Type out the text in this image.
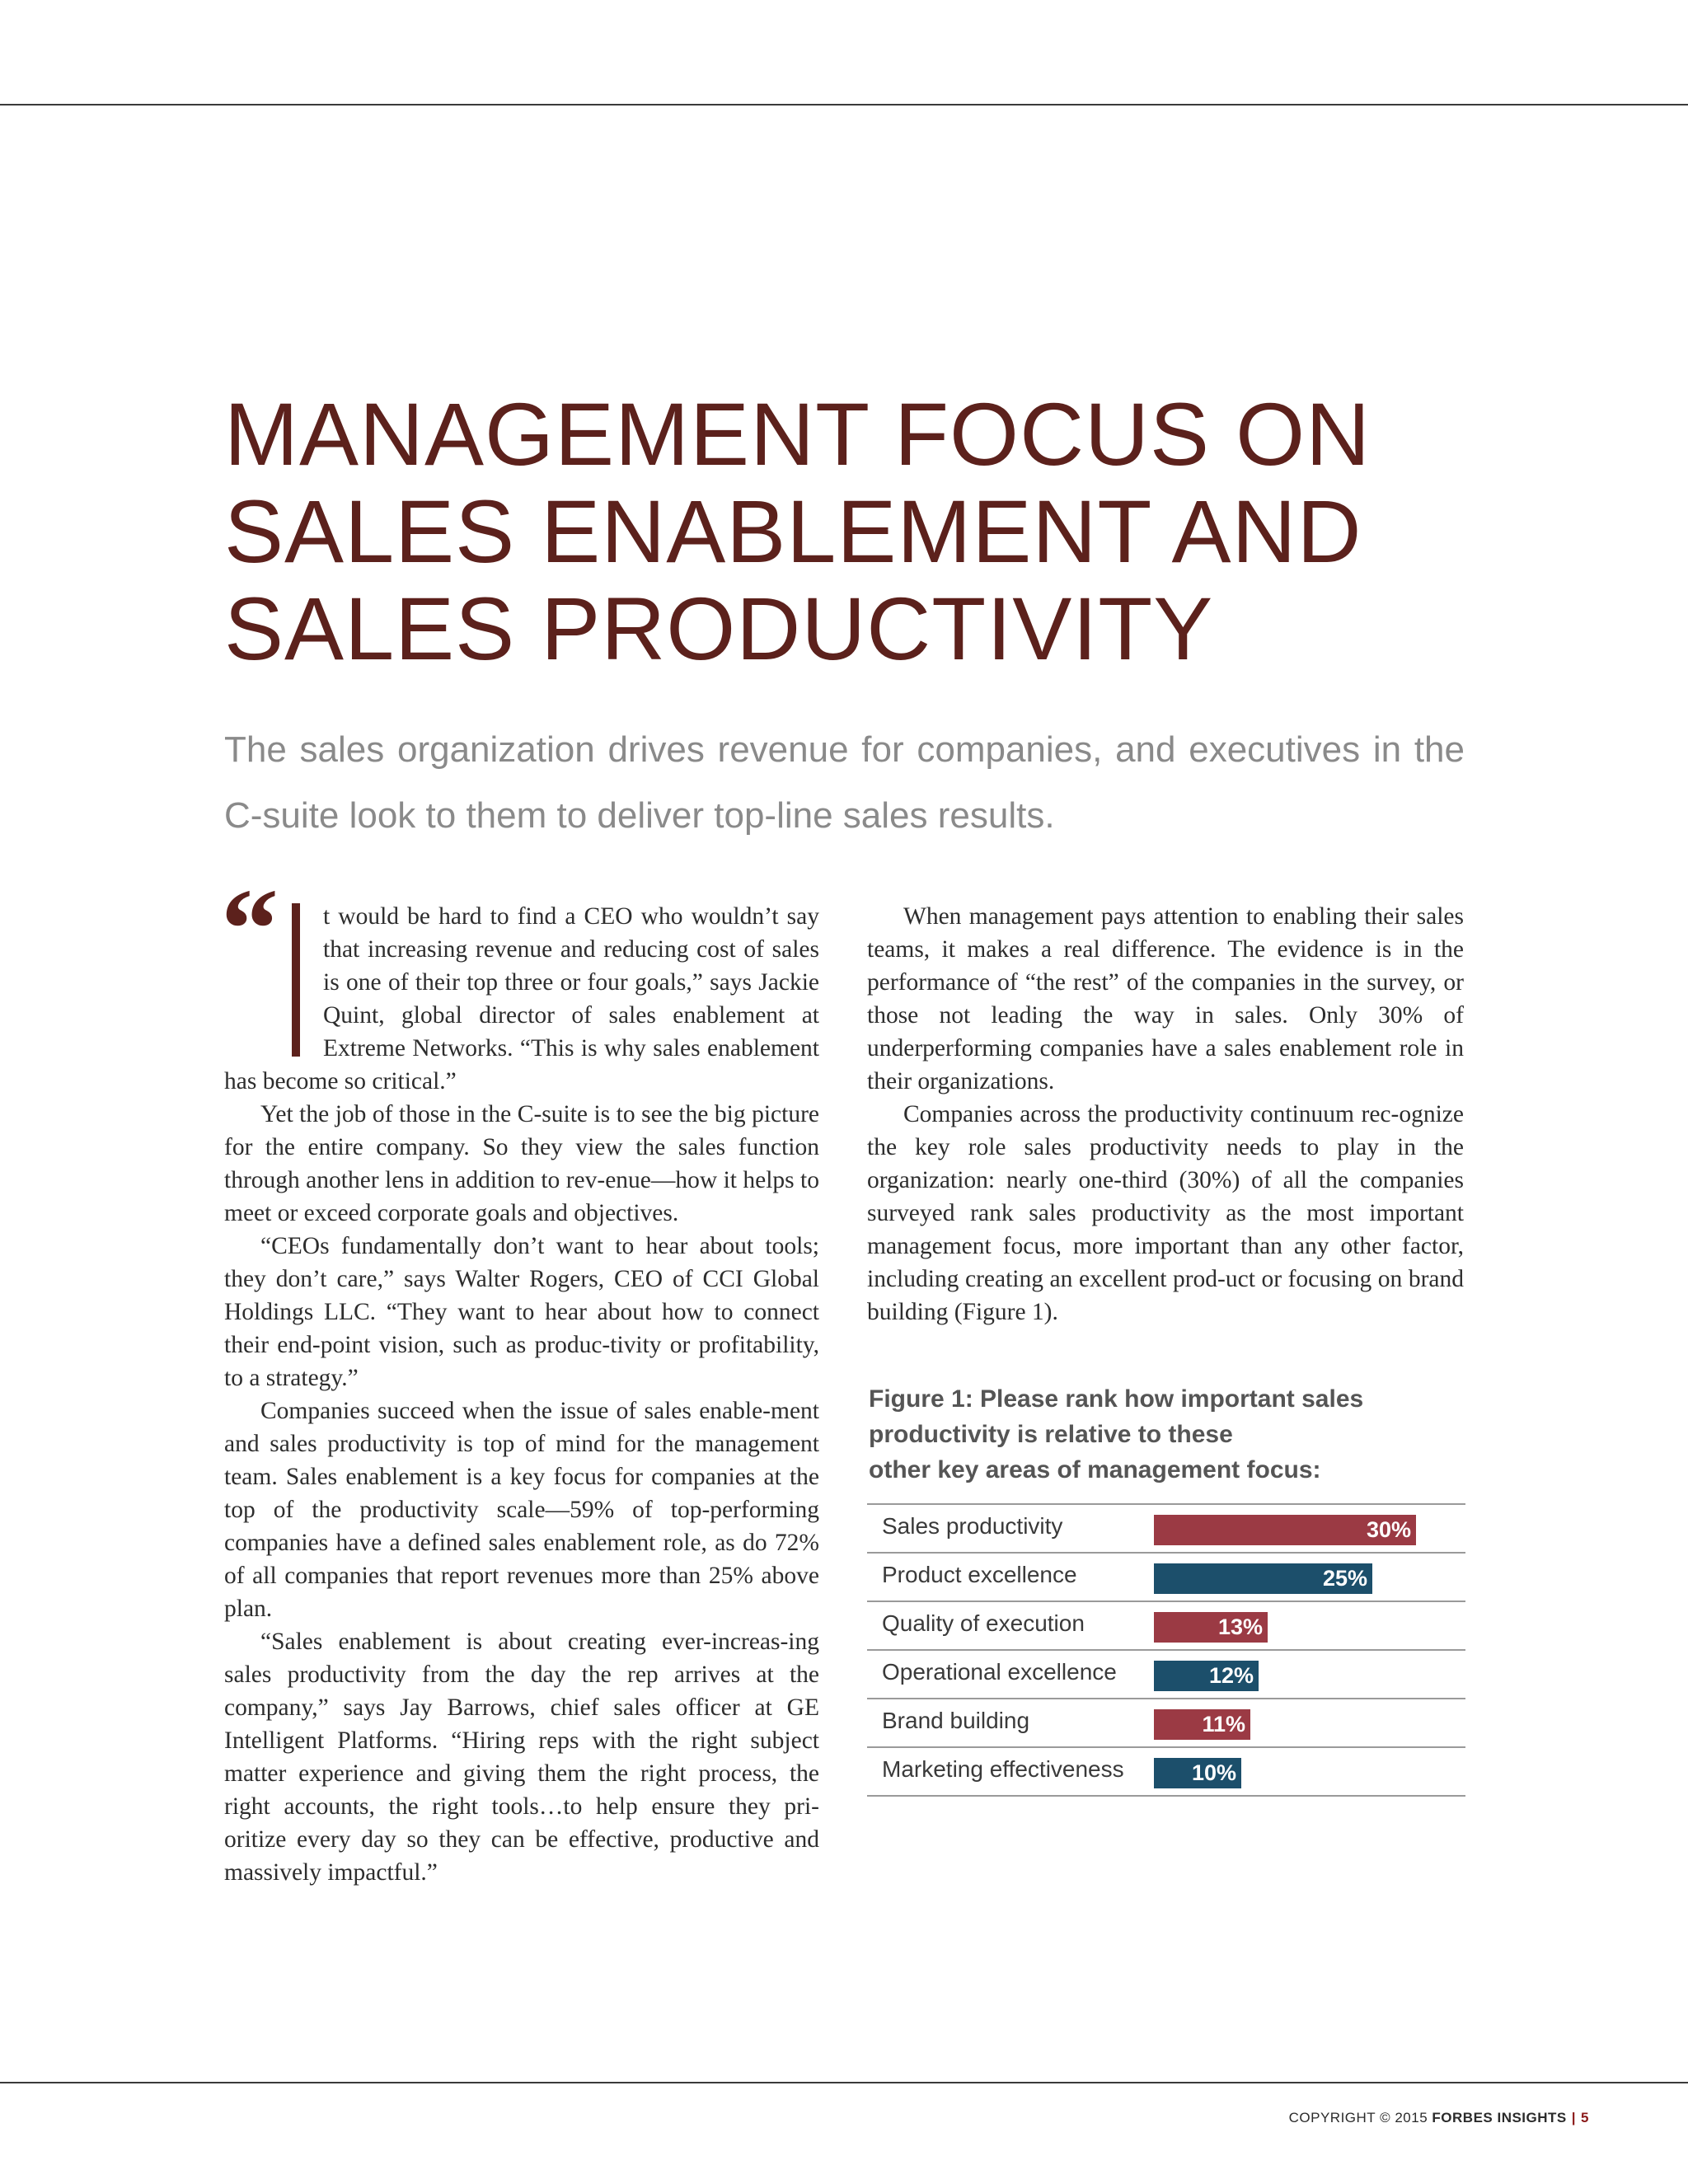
MANAGEMENT FOCUS ON
SALES ENABLEMENT AND
SALES PRODUCTIVITY
The sales organization drives revenue for companies, and executives in the C-suite look to them to deliver top-line sales results.
“	t would be hard to find a CEO who wouldn’t say that increasing revenue and reducing cost of sales is one of their top three or four goals,” says Jackie Quint, global director of sales enablement at Extreme Networks. “This is why sales enablement has become so critical.”

Yet the job of those in the C-suite is to see the big picture for the entire company. So they view the sales function through another lens in addition to rev-enue—how it helps to meet or exceed corporate goals and objectives.

“CEOs fundamentally don’t want to hear about tools; they don’t care,” says Walter Rogers, CEO of CCI Global Holdings LLC. “They want to hear about how to connect their end-point vision, such as produc-tivity or profitability, to a strategy.”

Companies succeed when the issue of sales enable-ment and sales productivity is top of mind for the management team. Sales enablement is a key focus for companies at the top of the productivity scale—59% of top-performing companies have a defined sales enablement role, as do 72% of all companies that report revenues more than 25% above plan.

“Sales enablement is about creating ever-increas-ing sales productivity from the day the rep arrives at the company,” says Jay Barrows, chief sales officer at GE Intelligent Platforms. “Hiring reps with the right subject matter experience and giving them the right process, the right accounts, the right tools…to help ensure they pri-oritize every day so they can be effective, productive and massively impactful.”

When management pays attention to enabling their sales teams, it makes a real difference. The evidence is in the performance of “the rest” of the companies in the survey, or those not leading the way in sales. Only 30% of underperforming companies have a sales enablement role in their organizations.

Companies across the productivity continuum rec-ognize the key role sales productivity needs to play in the organization: nearly one-third (30%) of all the companies surveyed rank sales productivity as the most important management focus, more important than any other factor, including creating an excellent prod-uct or focusing on brand building (Figure 1).

Figure 1: Please rank how important sales
productivity is relative to these
other key areas of management focus:
Sales productivity	30%
Product excellence	25%
Quality of execution	13%
Operational excellence	12%
Brand building	11%
Marketing effectiveness	10%
COPYRIGHT © 2015 FORBES INSIGHTS | 5
